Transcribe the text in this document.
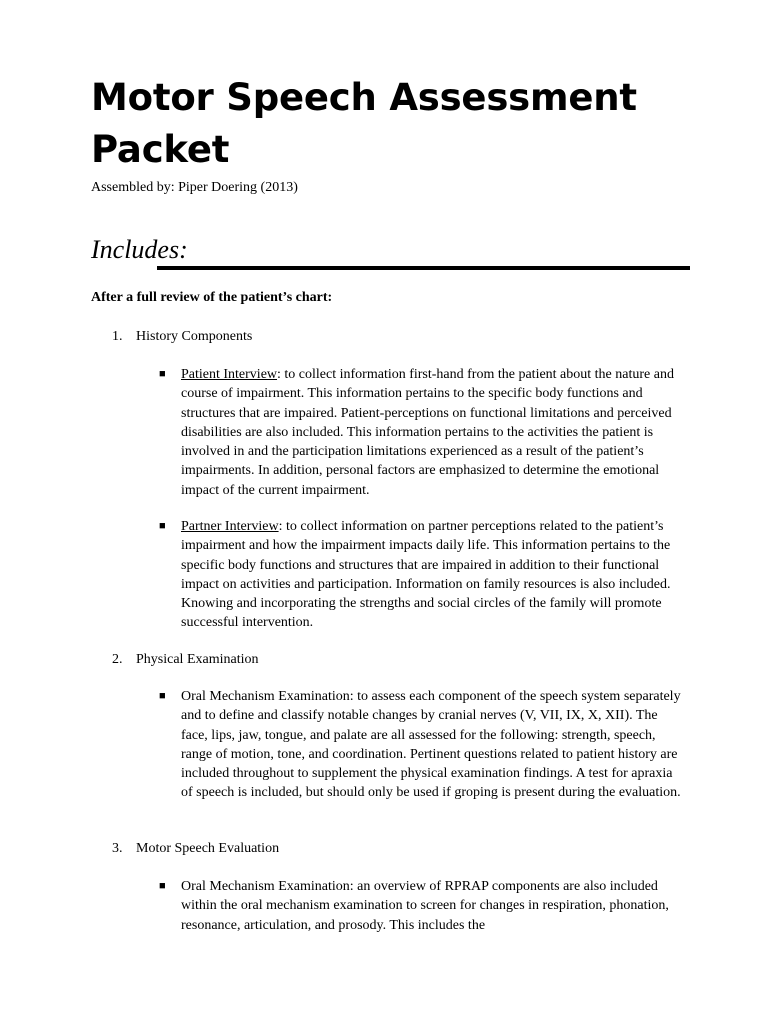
Motor Speech Assessment Packet
Assembled by: Piper Doering (2013)
Includes:
After a full review of the patient’s chart:
1. History Components
■ Patient Interview: to collect information first-hand from the patient about the nature and course of impairment. This information pertains to the specific body functions and structures that are impaired. Patient-perceptions on functional limitations and perceived disabilities are also included. This information pertains to the activities the patient is involved in and the participation limitations experienced as a result of the patient’s impairments. In addition, personal factors are emphasized to determine the emotional impact of the current impairment.
■ Partner Interview: to collect information on partner perceptions related to the patient’s impairment and how the impairment impacts daily life. This information pertains to the specific body functions and structures that are impaired in addition to their functional impact on activities and participation. Information on family resources is also included. Knowing and incorporating the strengths and social circles of the family will promote successful intervention.
2. Physical Examination
■ Oral Mechanism Examination: to assess each component of the speech system separately and to define and classify notable changes by cranial nerves (V, VII, IX, X, XII). The face, lips, jaw, tongue, and palate are all assessed for the following: strength, speech, range of motion, tone, and coordination. Pertinent questions related to patient history are included throughout to supplement the physical examination findings. A test for apraxia of speech is included, but should only be used if groping is present during the evaluation.
3. Motor Speech Evaluation
■ Oral Mechanism Examination: an overview of RPRAP components are also included within the oral mechanism examination to screen for changes in respiration, phonation, resonance, articulation, and prosody. This includes the
